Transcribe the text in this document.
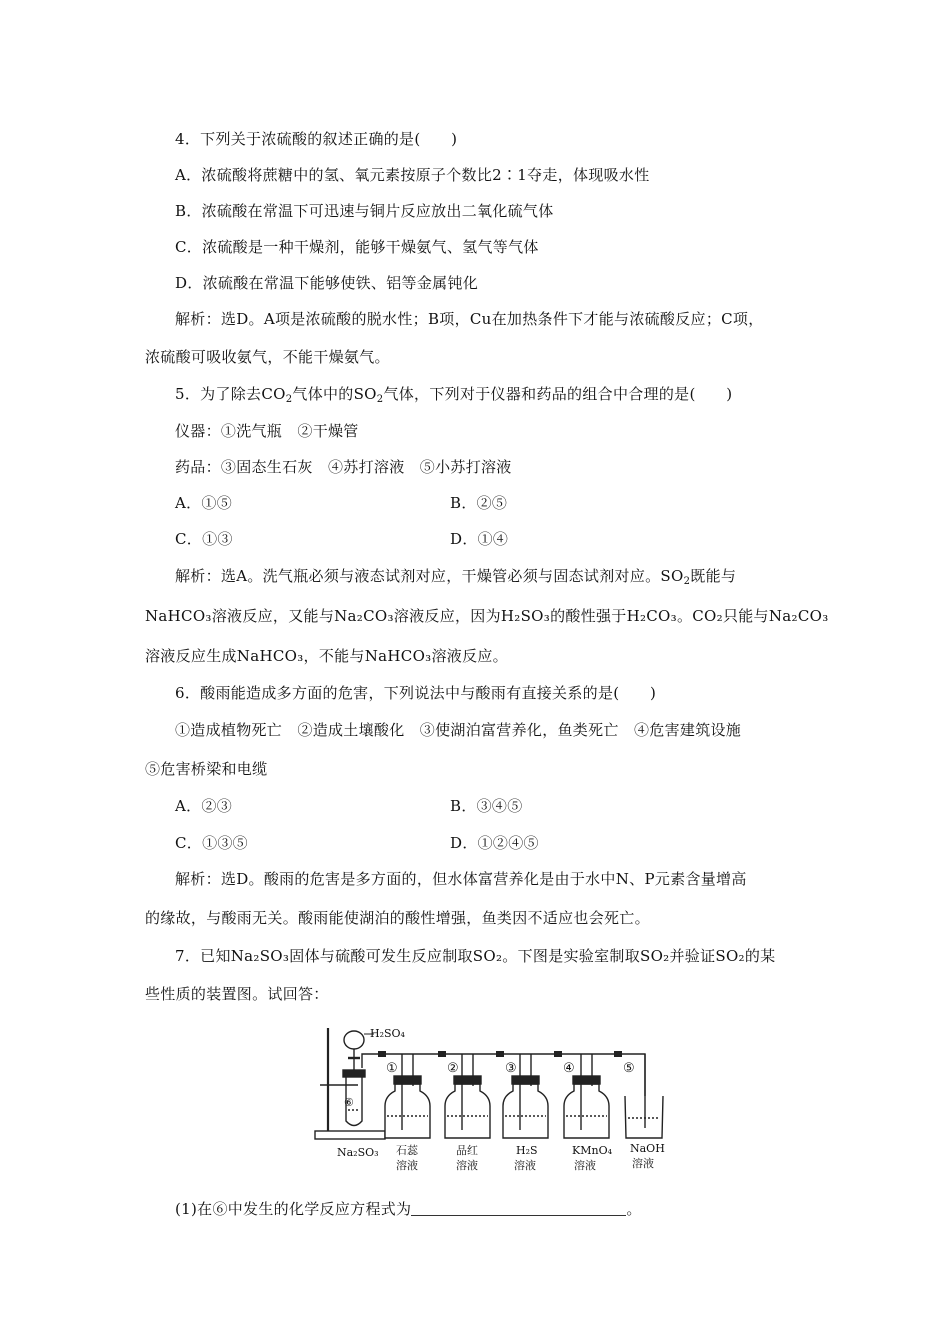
4．下列关于浓硫酸的叙述正确的是(　　)
A．浓硫酸将蔗糖中的氢、氧元素按原子个数比2∶1夺走，体现吸水性
B．浓硫酸在常温下可迅速与铜片反应放出二氧化硫气体
C．浓硫酸是一种干燥剂，能够干燥氨气、氢气等气体
D．浓硫酸在常温下能够使铁、铝等金属钝化
解析：选D。A项是浓硫酸的脱水性；B项，Cu在加热条件下才能与浓硫酸反应；C项，
浓硫酸可吸收氨气，不能干燥氨气。
5．为了除去$CO_2$气体中的$SO_2$气体，下列对于仪器和药品的组合中合理的是(　　)
仪器：①洗气瓶　②干燥管
药品：③固态生石灰　④苏打溶液　⑤小苏打溶液
A．①⑤	B．②⑤
C．①③	D．①④
解析：选A。洗气瓶必须与液态试剂对应，干燥管必须与固态试剂对应。$SO_2$既能与
NaHCO₃溶液反应，又能与Na₂CO₃溶液反应，因为H₂SO₃的酸性强于H₂CO₃。CO₂只能与Na₂CO₃
溶液反应生成NaHCO₃，不能与NaHCO₃溶液反应。
6．酸雨能造成多方面的危害，下列说法中与酸雨有直接关系的是(　　)
①造成植物死亡　②造成土壤酸化　③使湖泊富营养化，鱼类死亡　④危害建筑设施
⑤危害桥梁和电缆
A．②③	B．③④⑤
C．①③⑤	D．①②④⑤
解析：选D。酸雨的危害是多方面的，但水体富营养化是由于水中N、P元素含量增高
的缘故，与酸雨无关。酸雨能使湖泊的酸性增强，鱼类因不适应也会死亡。
7．已知Na₂SO₃固体与硫酸可发生反应制取SO₂。下图是实验室制取SO₂并验证SO₂的某
些性质的装置图。试回答：
H₂SO₄
⑥
Na₂SO₃
①	②	③	④	⑤
石蕊
溶液
品红
溶液
H₂S
溶液
KMnO₄
溶液
NaOH
溶液
(1)在⑥中发生的化学反应方程式为	。
